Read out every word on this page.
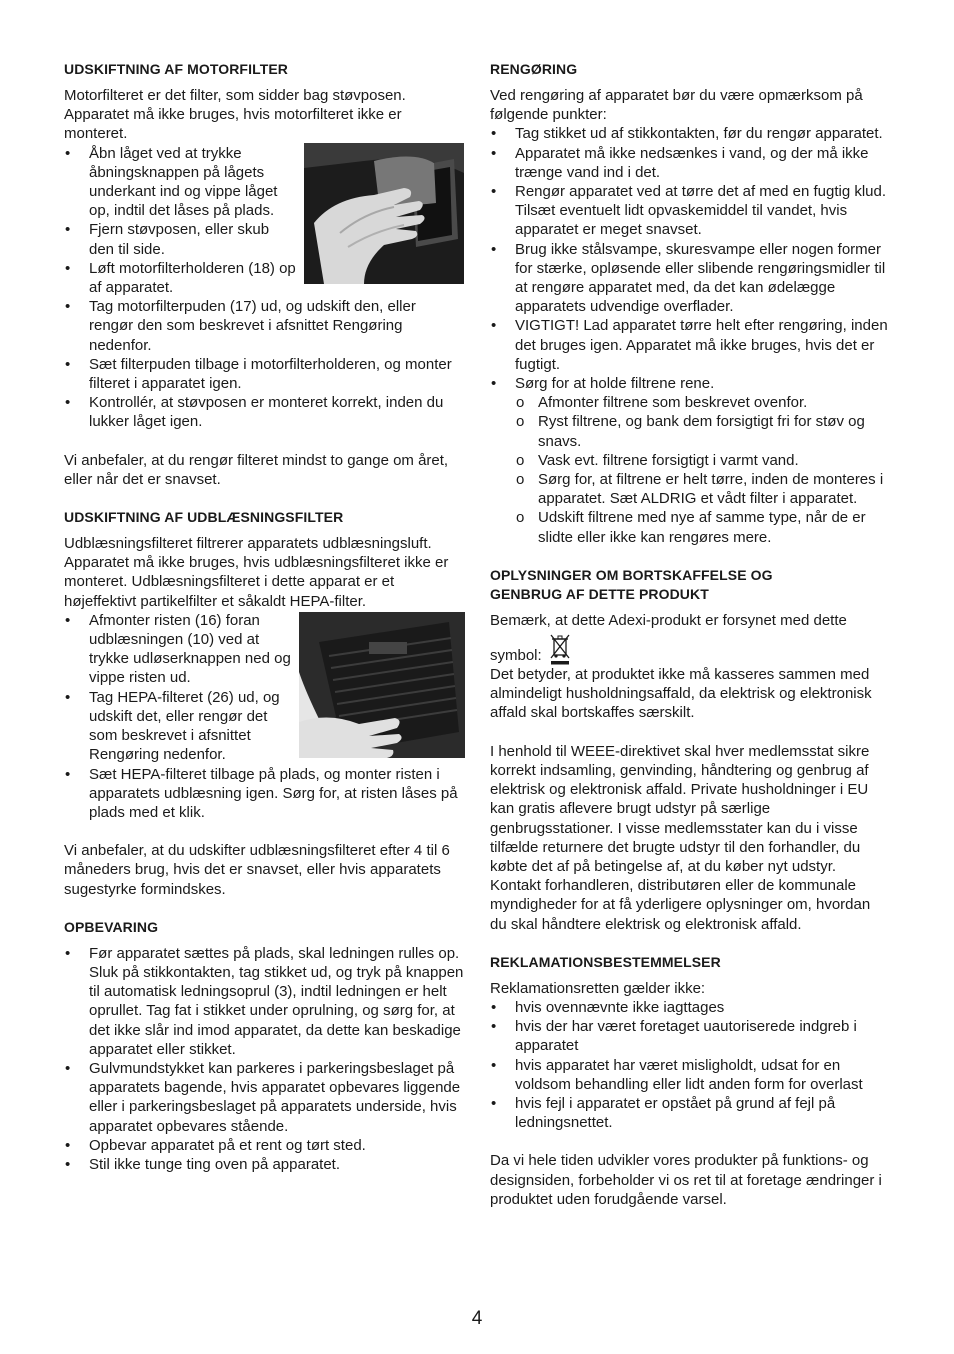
UDSKIFTNING AF MOTORFILTER

Motorfilteret er det filter, som sidder bag støvposen. Apparatet må ikke bruges, hvis motorfilteret ikke er monteret.

• Åbn låget ved at trykke åbningsknappen på lågets underkant ind og vippe låget op, indtil det låses på plads.
• Fjern støvposen, eller skub den til side.
• Løft motorfilterholderen (18) op af apparatet.
• Tag motorfilterpuden (17) ud, og udskift den, eller rengør den som beskrevet i afsnittet Rengøring nedenfor.
• Sæt filterpuden tilbage i motorfilterholderen, og monter filteret i apparatet igen.
• Kontrollér, at støvposen er monteret korrekt, inden du lukker låget igen.

Vi anbefaler, at du rengør filteret mindst to gange om året, eller når det er snavset.

UDSKIFTNING AF UDBLÆSNINGSFILTER

Udblæsningsfilteret filtrerer apparatets udblæsningsluft. Apparatet må ikke bruges, hvis udblæsningsfilteret ikke er monteret. Udblæsningsfilteret i dette apparat er et højeffektivt partikelfilter et såkaldt HEPA-filter.

• Afmonter risten (16) foran udblæsningen (10) ved at trykke udløserknappen ned og vippe risten ud.
• Tag HEPA-filteret (26) ud, og udskift det, eller rengør det som beskrevet i afsnittet Rengøring nedenfor.
• Sæt HEPA-filteret tilbage på plads, og monter risten i apparatets udblæsning igen. Sørg for, at risten låses på plads med et klik.

Vi anbefaler, at du udskifter udblæsningsfilteret efter 4 til 6 måneders brug, hvis det er snavset, eller hvis apparatets sugestyrke formindskes.

OPBEVARING
• Før apparatet sættes på plads, skal ledningen rulles op. Sluk på stikkontakten, tag stikket ud, og tryk på knappen til automatisk ledningsoprul (3), indtil ledningen er helt oprullet. Tag fat i stikket under oprulning, og sørg for, at det ikke slår ind imod apparatet, da dette kan beskadige apparatet eller stikket.
• Gulvmundstykket kan parkeres i parkeringsbeslaget på apparatets bagende, hvis apparatet opbevares liggende eller i parkeringsbeslaget på apparatets underside, hvis apparatet opbevares stående.
• Opbevar apparatet på et rent og tørt sted.
• Stil ikke tunge ting oven på apparatet.
RENGØRING

Ved rengøring af apparatet bør du være opmærksom på følgende punkter:

• Tag stikket ud af stikkontakten, før du rengør apparatet.
• Apparatet må ikke nedsænkes i vand, og der må ikke trænge vand ind i det.
• Rengør apparatet ved at tørre det af med en fugtig klud. Tilsæt eventuelt lidt opvaskemiddel til vandet, hvis apparatet er meget snavset.
• Brug ikke stålsvampe, skuresvampe eller nogen former for stærke, opløsende eller slibende rengøringsmidler til at rengøre apparatet med, da det kan ødelægge apparatets udvendige overflader.
• VIGTIGT! Lad apparatet tørre helt efter rengøring, inden det bruges igen. Apparatet må ikke bruges, hvis det er fugtigt.
• Sørg for at holde filtrene rene.
o Afmonter filtrene som beskrevet ovenfor.
o Ryst filtrene, og bank dem forsigtigt fri for støv og snavs.
o Vask evt. filtrene forsigtigt i varmt vand.
o Sørg for, at filtrene er helt tørre, inden de monteres i apparatet. Sæt ALDRIG et vådt filter i apparatet.
o Udskift filtrene med nye af samme type, når de er slidte eller ikke kan rengøres mere.
OPLYSNINGER OM BORTSKAFFELSE OG
GENBRUG AF DETTE PRODUKT

Bemærk, at dette Adexi-produkt er forsynet med dette

symbol:

Det betyder, at produktet ikke må kasseres sammen med almindeligt husholdningsaffald, da elektrisk og elektronisk affald skal bortskaffes særskilt.

I henhold til WEEE-direktivet skal hver medlemsstat sikre korrekt indsamling, genvinding, håndtering og genbrug af elektrisk og elektronisk affald. Private husholdninger i EU kan gratis aflevere brugt udstyr på særlige genbrugsstationer. I visse medlemsstater kan du i visse tilfælde returnere det brugte udstyr til den forhandler, du købte det af på betingelse af, at du køber nyt udstyr. Kontakt forhandleren, distributøren eller de kommunale myndigheder for at få yderligere oplysninger om, hvordan du skal håndtere elektrisk og elektronisk affald.

REKLAMATIONSBESTEMMELSER

Reklamationsretten gælder ikke:

• hvis ovennævnte ikke iagttages
• hvis der har været foretaget uautoriserede indgreb i apparatet
• hvis apparatet har været misligholdt, udsat for en voldsom behandling eller lidt anden form for overlast
• hvis fejl i apparatet er opstået på grund af fejl på ledningsnettet.

Da vi hele tiden udvikler vores produkter på funktions- og designsiden, forbeholder vi os ret til at foretage ændringer i produktet uden forudgående varsel.

4
